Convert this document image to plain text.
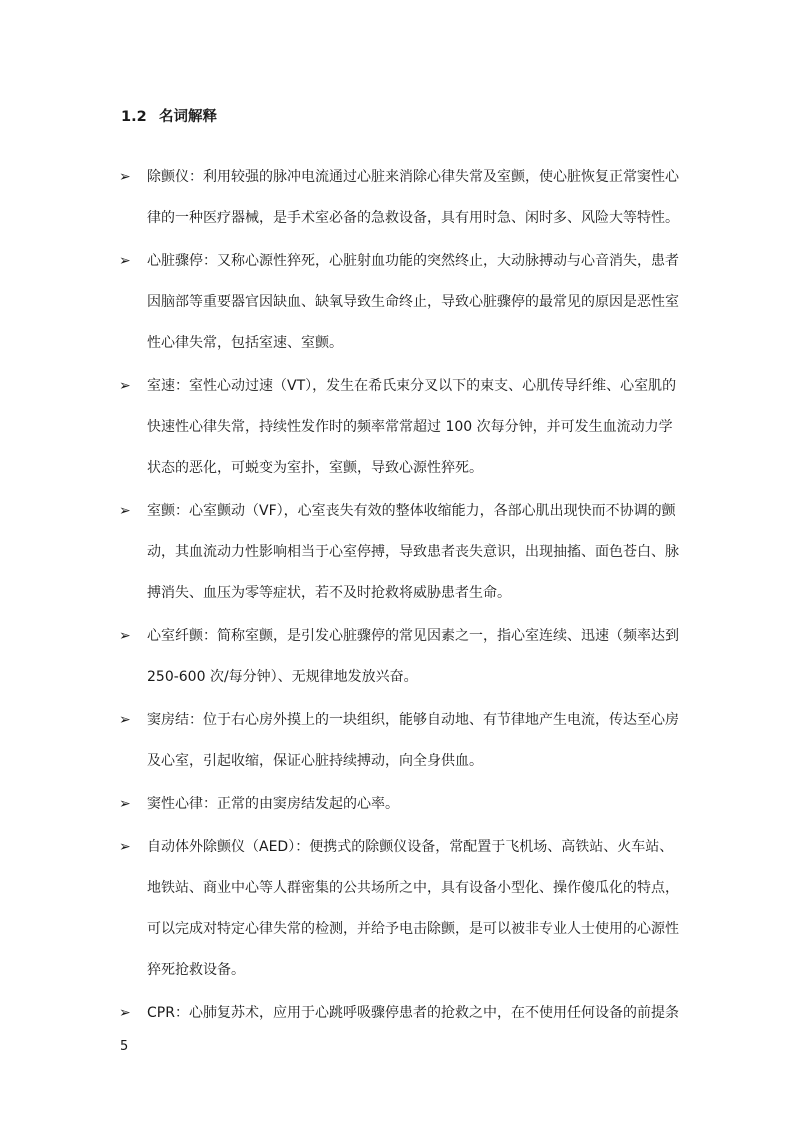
1.2 名词解释
➢ 除颤仪：利用较强的脉冲电流通过心脏来消除心律失常及室颤，使心脏恢复正常窦性心
律的一种医疗器械，是手术室必备的急救设备，具有用时急、闲时多、风险大等特性。
➢ 心脏骤停：又称心源性猝死，心脏射血功能的突然终止，大动脉搏动与心音消失，患者
因脑部等重要器官因缺血、缺氧导致生命终止，导致心脏骤停的最常见的原因是恶性室
性心律失常，包括室速、室颤。
➢ 室速：室性心动过速（VT），发生在希氏束分叉以下的束支、心肌传导纤维、心室肌的
快速性心律失常，持续性发作时的频率常常超过 100 次每分钟，并可发生血流动力学
状态的恶化，可蜕变为室扑，室颤，导致心源性猝死。
➢ 室颤：心室颤动（VF），心室丧失有效的整体收缩能力，各部心肌出现快而不协调的颤
动，其血流动力性影响相当于心室停搏，导致患者丧失意识，出现抽搐、面色苍白、脉
搏消失、血压为零等症状，若不及时抢救将威胁患者生命。
➢ 心室纤颤：简称室颤，是引发心脏骤停的常见因素之一，指心室连续、迅速（频率达到
250-600 次/每分钟）、无规律地发放兴奋。
➢ 窦房结：位于右心房外摸上的一块组织，能够自动地、有节律地产生电流，传达至心房
及心室，引起收缩，保证心脏持续搏动，向全身供血。
➢ 窦性心律：正常的由窦房结发起的心率。
➢ 自动体外除颤仪（AED）：便携式的除颤仪设备，常配置于飞机场、高铁站、火车站、
地铁站、商业中心等人群密集的公共场所之中，具有设备小型化、操作傻瓜化的特点，
可以完成对特定心律失常的检测，并给予电击除颤，是可以被非专业人士使用的心源性
猝死抢救设备。
➢ CPR：心肺复苏术，应用于心跳呼吸骤停患者的抢救之中，在不使用任何设备的前提条
5
